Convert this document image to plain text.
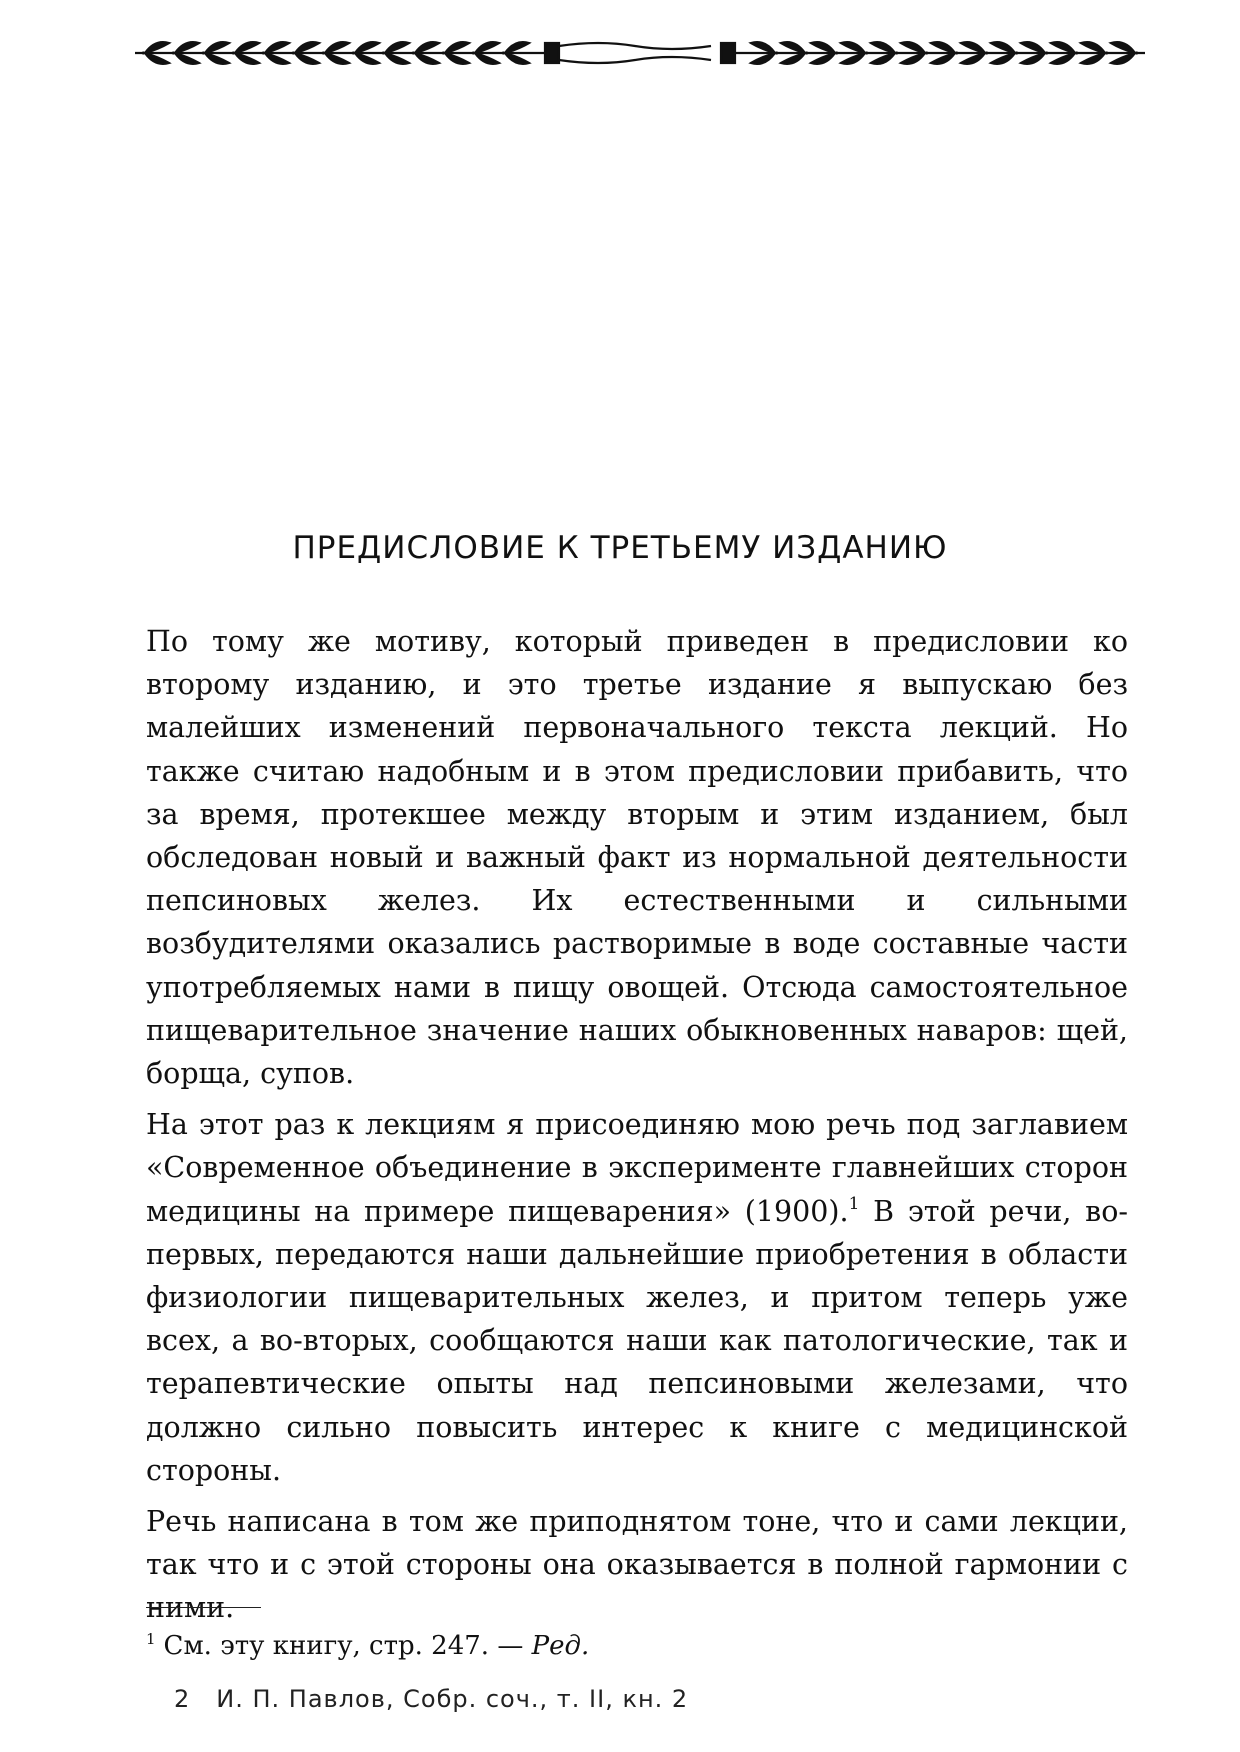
ПРЕДИСЛОВИЕ К ТРЕТЬЕМУ ИЗДАНИЮ

По тому же мотиву, который приведен в предисловии ко второму изданию, и это третье издание я выпускаю без малейших изменений первоначального текста лекций. Но также считаю надобным и в этом предисловии прибавить, что за время, протекшее между вторым и этим изданием, был обследован новый и важный факт из нормальной деятельности пепсиновых желез. Их естественными и сильными возбудителями оказались растворимые в воде составные части употребляемых нами в пищу овощей. Отсюда самостоятельное пищеварительное значение наших обыкновенных наваров: щей, борща, супов.

На этот раз к лекциям я присоединяю мою речь под заглавием «Современное объединение в эксперименте главнейших сторон медицины на примере пищеварения» (1900).$^1$ В этой речи, во-первых, передаются наши дальнейшие приобретения в области физиологии пищеварительных желез, и притом теперь уже всех, а во-вторых, сообщаются наши как патологические, так и терапевтические опыты над пепсиновыми железами, что должно сильно повысить интерес к книге с медицинской стороны.

Речь написана в том же приподнятом тоне, что и сами лекции, так что и с этой стороны она оказывается в полной гармонии с ними.

$^1$ См. эту книгу, стр. 247. — Ред.
2 И. П. Павлов, Собр. соч., т. II, кн. 2
